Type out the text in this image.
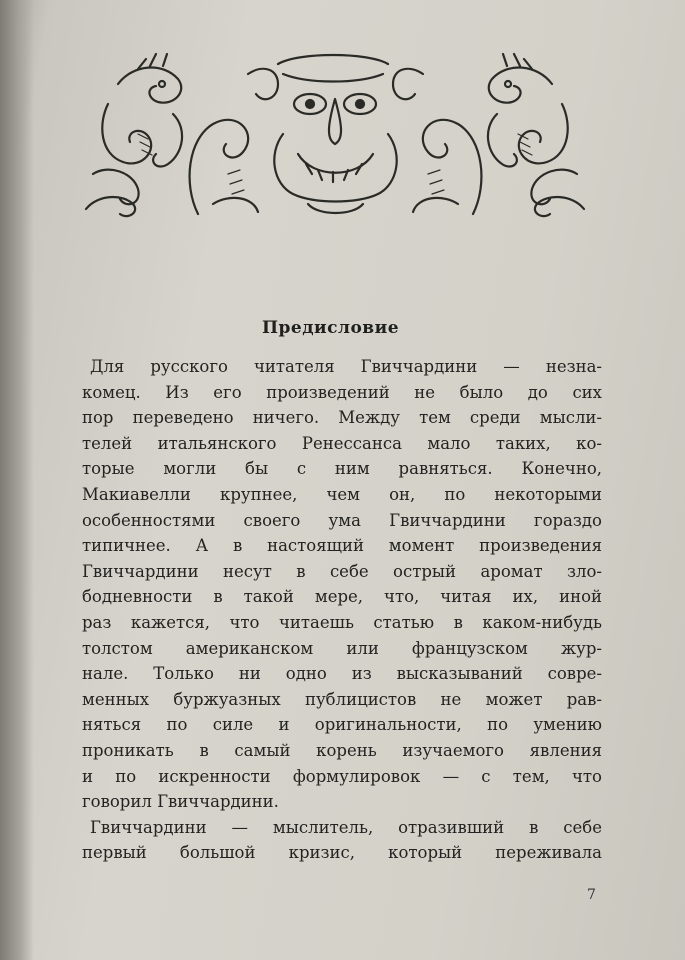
Предисловие
Для русского читателя Гвиччардини — незна-
комец. Из его произведений не было до сих
пор переведено ничего. Между тем среди мысли-
телей итальянского Ренессанса мало таких, ко-
торые могли бы с ним равняться. Конечно,
Макиавелли крупнее, чем он, по некоторыми
особенностями своего ума Гвиччардини гораздо
типичнее. А в настоящий момент произведения
Гвиччардини несут в себе острый аромат зло-
бодневности в такой мере, что, читая их, иной
раз кажется, что читаешь статью в каком-нибудь
толстом американском или французском жур-
нале. Только ни одно из высказываний совре-
менных буржуазных публицистов не может рав-
няться по силе и оригинальности, по умению
проникать в самый корень изучаемого явления
и по искренности формулировок — с тем, что
говорил Гвиччардини.
Гвиччардини — мыслитель, отразивший в себе
первый большой кризис, который переживала
7
